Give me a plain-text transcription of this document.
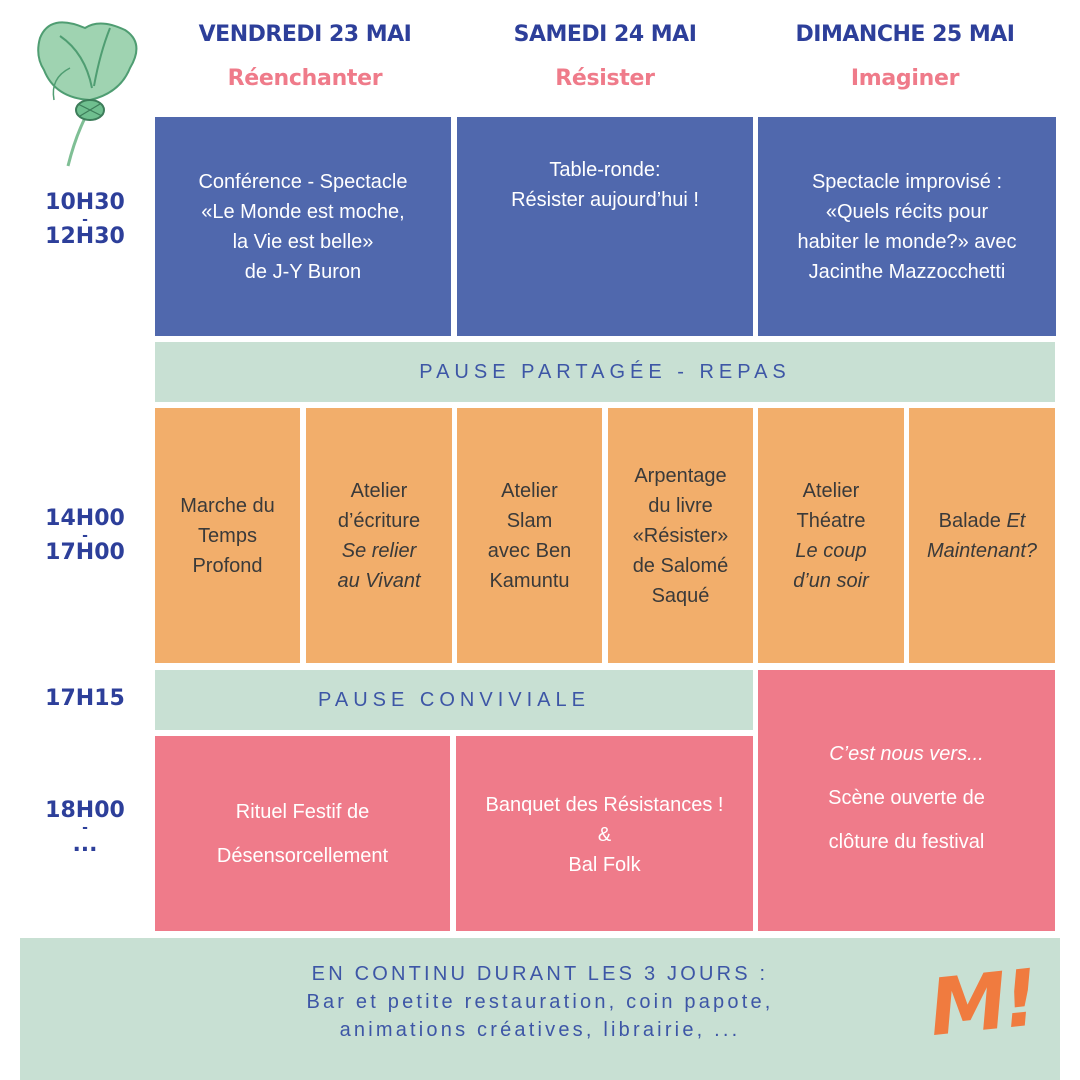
VENDREDI 23 MAI
Réenchanter
SAMEDI 24 MAI
Résister
DIMANCHE 25 MAI
Imaginer
10H30
-
12H30
14H00
-
17H00
17H15
18H00
-
...
Conférence - Spectacle
«Le Monde est moche,
la Vie est belle»
de J-Y Buron
Table-ronde:
Résister aujourd’hui !
Spectacle improvisé :
«Quels récits pour
habiter le monde?» avec
Jacinthe Mazzocchetti
PAUSE PARTAGÉE - REPAS
Marche du
Temps
Profond
Atelier
d’écriture
Se relier
au Vivant
Atelier
Slam
avec Ben
Kamuntu
Arpentage
du livre
«Résister»
de Salomé
Saqué
Atelier
Théatre
Le coup
d’un soir
Balade Et
Maintenant?
PAUSE CONVIVIALE
Rituel Festif de
Désensorcellement
Banquet des Résistances !
&
Bal Folk
C’est nous vers...
Scène ouverte de
clôture du festival
EN CONTINU DURANT LES 3 JOURS :
Bar et petite restauration, coin papote,
animations créatives, librairie, ...	M!
